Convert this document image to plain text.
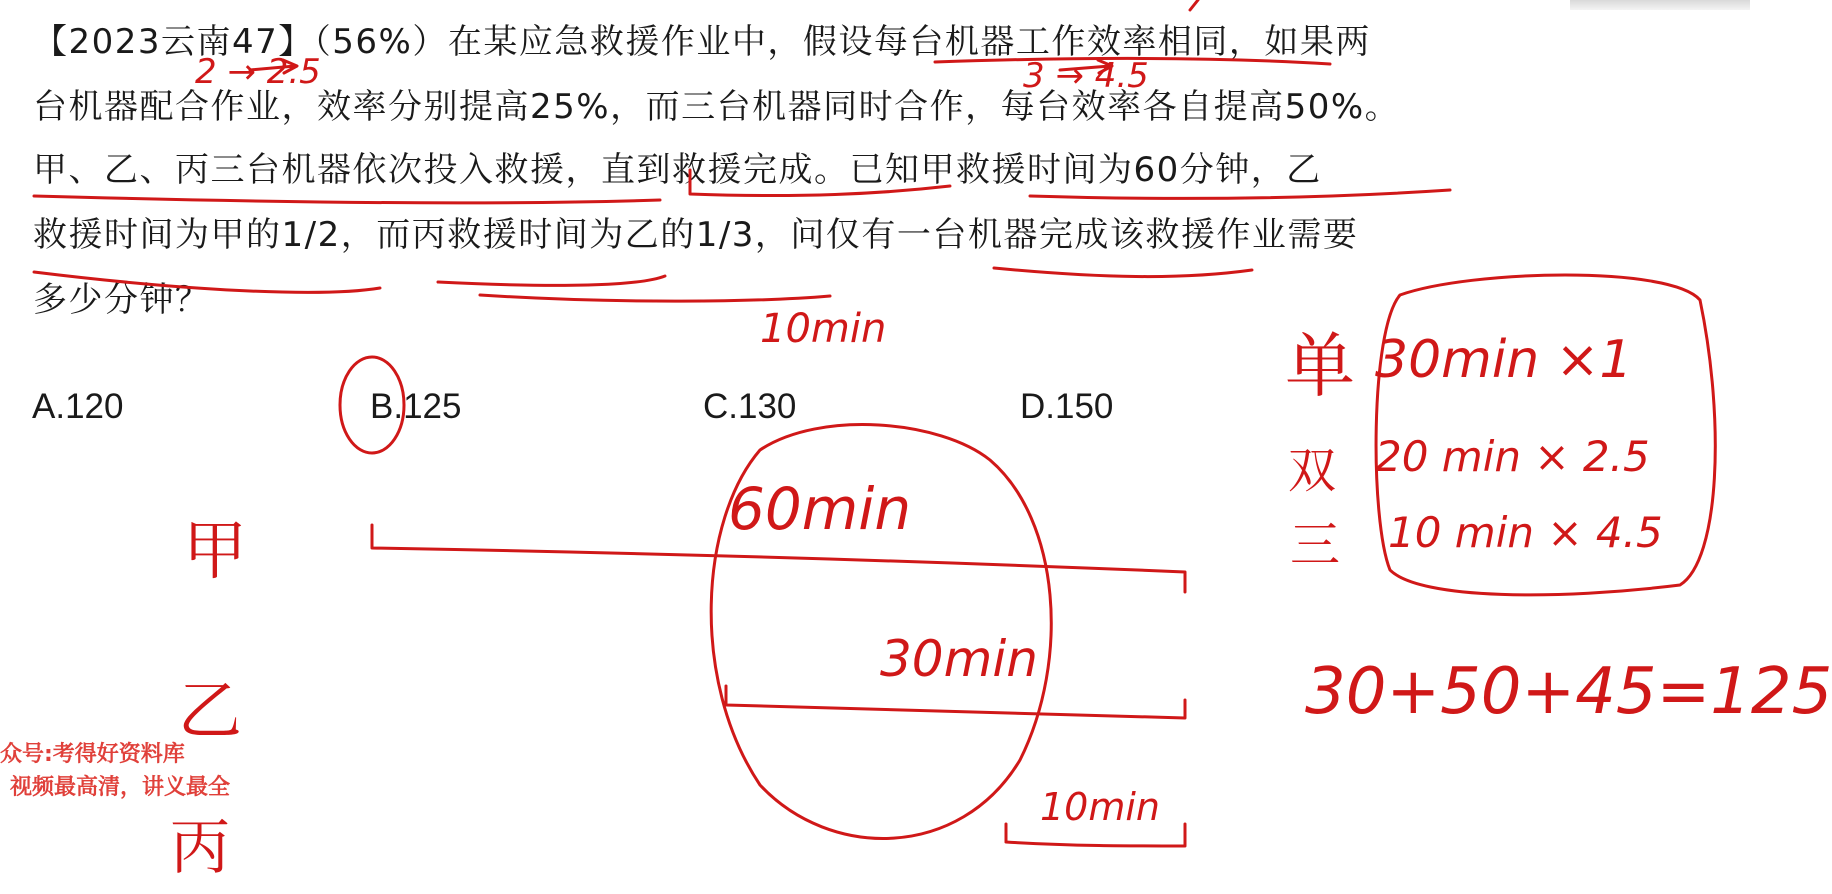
【2023云南47】（56%）在某应急救援作业中，假设每台机器工作效率相同，如果两
台机器配合作业，效率分别提高25%，而三台机器同时合作，每台效率各自提高50%。
甲、乙、丙三台机器依次投入救援，直到救援完成。已知甲救援时间为60分钟，乙
救援时间为甲的1/2，而丙救援时间为乙的1/3，问仅有一台机器完成该救援作业需要
多少分钟？
A.120	B.125	C.130	D.150
2 → 2.5	3 → 4.5
10min
甲
乙
丙
60min
30min
10min
单 30min ×1
双 20 min × 2.5
三 10 min × 4.5
30+50+45=125
众号:考得好资料库
视频最高清，讲义最全
